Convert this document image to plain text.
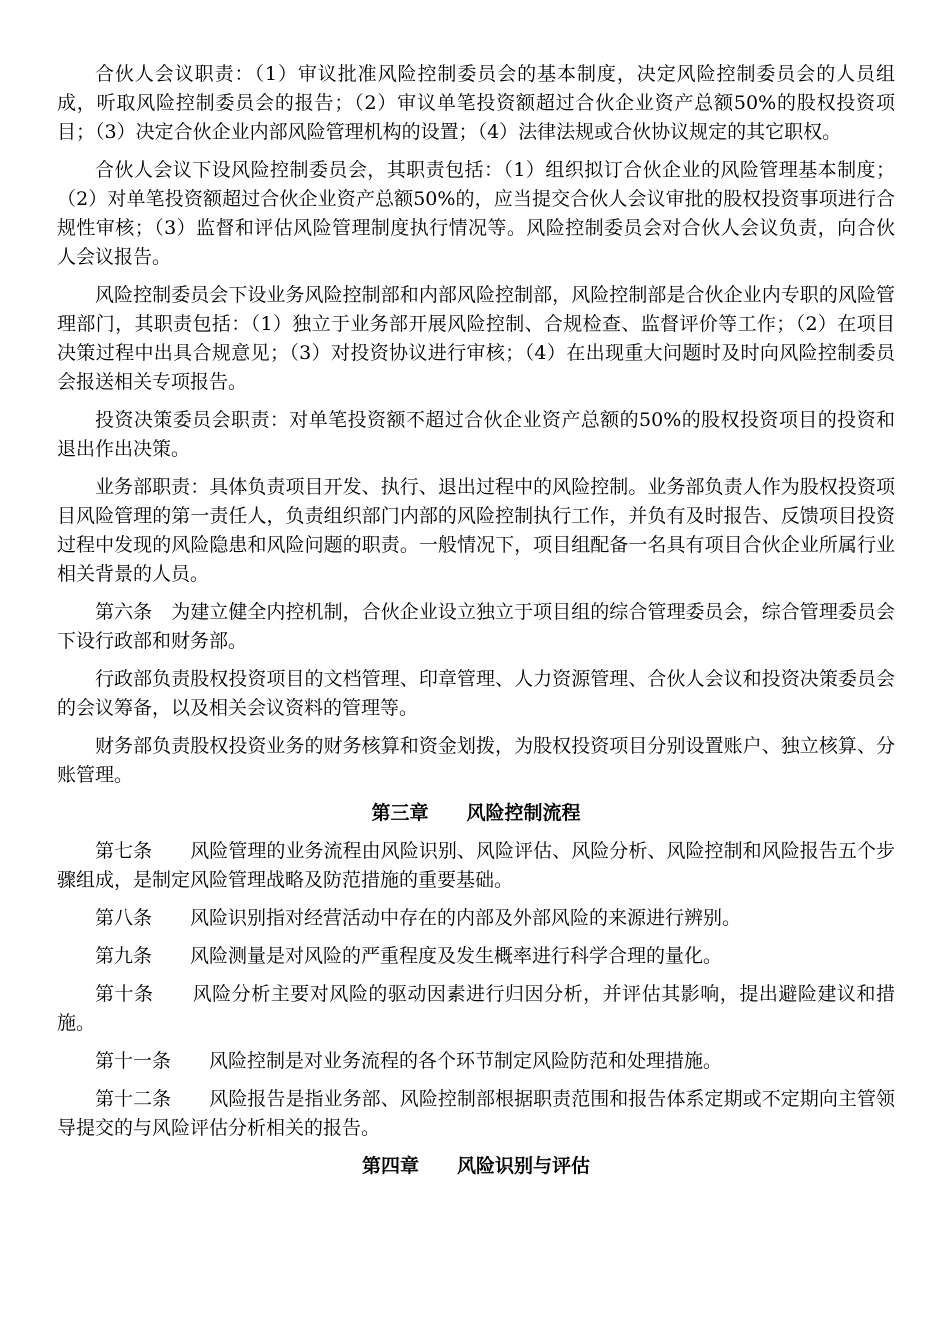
合伙人会议职责：（1）审议批准风险控制委员会的基本制度，决定风险控制委员会的人员组成，听取风险控制委员会的报告；（2）审议单笔投资额超过合伙企业资产总额50%的股权投资项目；（3）决定合伙企业内部风险管理机构的设置；（4）法律法规或合伙协议规定的其它职权。

合伙人会议下设风险控制委员会，其职责包括：（1）组织拟订合伙企业的风险管理基本制度；（2）对单笔投资额超过合伙企业资产总额50%的，应当提交合伙人会议审批的股权投资事项进行合规性审核；（3）监督和评估风险管理制度执行情况等。风险控制委员会对合伙人会议负责，向合伙人会议报告。

风险控制委员会下设业务风险控制部和内部风险控制部，风险控制部是合伙企业内专职的风险管理部门，其职责包括：（1）独立于业务部开展风险控制、合规检查、监督评价等工作；（2）在项目决策过程中出具合规意见；（3）对投资协议进行审核；（4）在出现重大问题时及时向风险控制委员会报送相关专项报告。

投资决策委员会职责：对单笔投资额不超过合伙企业资产总额的50%的股权投资项目的投资和退出作出决策。

业务部职责：具体负责项目开发、执行、退出过程中的风险控制。业务部负责人作为股权投资项目风险管理的第一责任人，负责组织部门内部的风险控制执行工作，并负有及时报告、反馈项目投资过程中发现的风险隐患和风险问题的职责。一般情况下，项目组配备一名具有项目合伙企业所属行业相关背景的人员。

第六条　为建立健全内控机制，合伙企业设立独立于项目组的综合管理委员会，综合管理委员会下设行政部和财务部。

行政部负责股权投资项目的文档管理、印章管理、人力资源管理、合伙人会议和投资决策委员会的会议筹备，以及相关会议资料的管理等。

财务部负责股权投资业务的财务核算和资金划拨，为股权投资项目分别设置账户、独立核算、分账管理。

第三章　　风险控制流程

第七条　　风险管理的业务流程由风险识别、风险评估、风险分析、风险控制和风险报告五个步骤组成，是制定风险管理战略及防范措施的重要基础。

第八条　　风险识别指对经营活动中存在的内部及外部风险的来源进行辨别。

第九条　　风险测量是对风险的严重程度及发生概率进行科学合理的量化。

第十条　　风险分析主要对风险的驱动因素进行归因分析，并评估其影响，提出避险建议和措施。

第十一条　　风险控制是对业务流程的各个环节制定风险防范和处理措施。

第十二条　　风险报告是指业务部、风险控制部根据职责范围和报告体系定期或不定期向主管领导提交的与风险评估分析相关的报告。

第四章　　风险识别与评估
